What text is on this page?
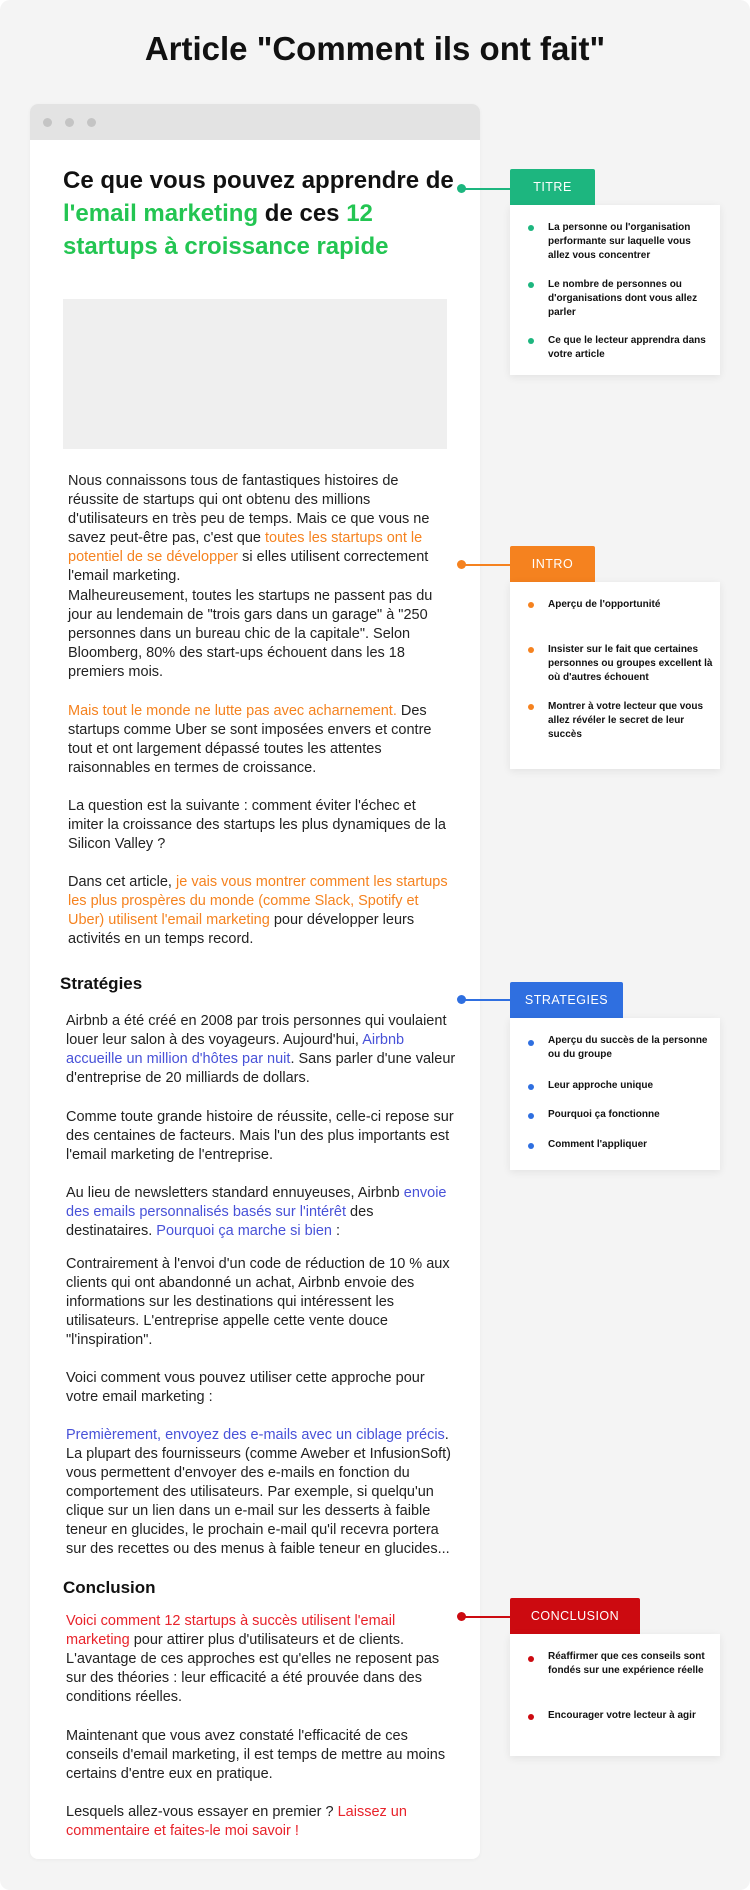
Article "Comment ils ont fait"
Ce que vous pouvez apprendre de l'email marketing de ces 12 startups à croissance rapide
Nous connaissons tous de fantastiques histoires de réussite de startups qui ont obtenu des millions d'utilisateurs en très peu de temps. Mais ce que vous ne savez peut-être pas, c'est que toutes les startups ont le potentiel de se développer si elles utilisent correctement l'email marketing.
Malheureusement, toutes les startups ne passent pas du jour au lendemain de "trois gars dans un garage" à "250 personnes dans un bureau chic de la capitale". Selon Bloomberg, 80% des start-ups échouent dans les 18 premiers mois.
Mais tout le monde ne lutte pas avec acharnement. Des startups comme Uber se sont imposées envers et contre tout et ont largement dépassé toutes les attentes raisonnables en termes de croissance.
La question est la suivante : comment éviter l'échec et imiter la croissance des startups les plus dynamiques de la Silicon Valley ?
Dans cet article, je vais vous montrer comment les startups les plus prospères du monde (comme Slack, Spotify et Uber) utilisent l'email marketing pour développer leurs activités en un temps record.
Stratégies
Airbnb a été créé en 2008 par trois personnes qui voulaient louer leur salon à des voyageurs. Aujourd'hui, Airbnb accueille un million d'hôtes par nuit. Sans parler d'une valeur d'entreprise de 20 milliards de dollars.
Comme toute grande histoire de réussite, celle-ci repose sur des centaines de facteurs. Mais l'un des plus importants est l'email marketing de l'entreprise.
Au lieu de newsletters standard ennuyeuses, Airbnb envoie des emails personnalisés basés sur l'intérêt des destinataires. Pourquoi ça marche si bien :
Contrairement à l'envoi d'un code de réduction de 10 % aux clients qui ont abandonné un achat, Airbnb envoie des informations sur les destinations qui intéressent les utilisateurs. L'entreprise appelle cette vente douce "l'inspiration".
Voici comment vous pouvez utiliser cette approche pour votre email marketing :
Premièrement, envoyez des e-mails avec un ciblage précis. La plupart des fournisseurs (comme Aweber et InfusionSoft) vous permettent d'envoyer des e-mails en fonction du comportement des utilisateurs. Par exemple, si quelqu'un clique sur un lien dans un e-mail sur les desserts à faible teneur en glucides, le prochain e-mail qu'il recevra portera sur des recettes ou des menus à faible teneur en glucides...
Conclusion
Voici comment 12 startups à succès utilisent l'email marketing pour attirer plus d'utilisateurs et de clients. L'avantage de ces approches est qu'elles ne reposent pas sur des théories : leur efficacité a été prouvée dans des conditions réelles.
Maintenant que vous avez constaté l'efficacité de ces conseils d'email marketing, il est temps de mettre au moins certains d'entre eux en pratique.
Lesquels allez-vous essayer en premier ? Laissez un commentaire et faites-le moi savoir !
TITRE
La personne ou l'organisation performante sur laquelle vous allez vous concentrer
Le nombre de personnes ou d'organisations dont vous allez parler
Ce que le lecteur apprendra dans votre article
INTRO
Aperçu de l'opportunité
Insister sur le fait que certaines personnes ou groupes excellent là où d'autres échouent
Montrer à votre lecteur que vous allez révéler le secret de leur succès
STRATEGIES
Aperçu du succès de la personne ou du groupe
Leur approche unique
Pourquoi ça fonctionne
Comment l'appliquer
CONCLUSION
Réaffirmer que ces conseils sont fondés sur une expérience réelle
Encourager votre lecteur à agir
